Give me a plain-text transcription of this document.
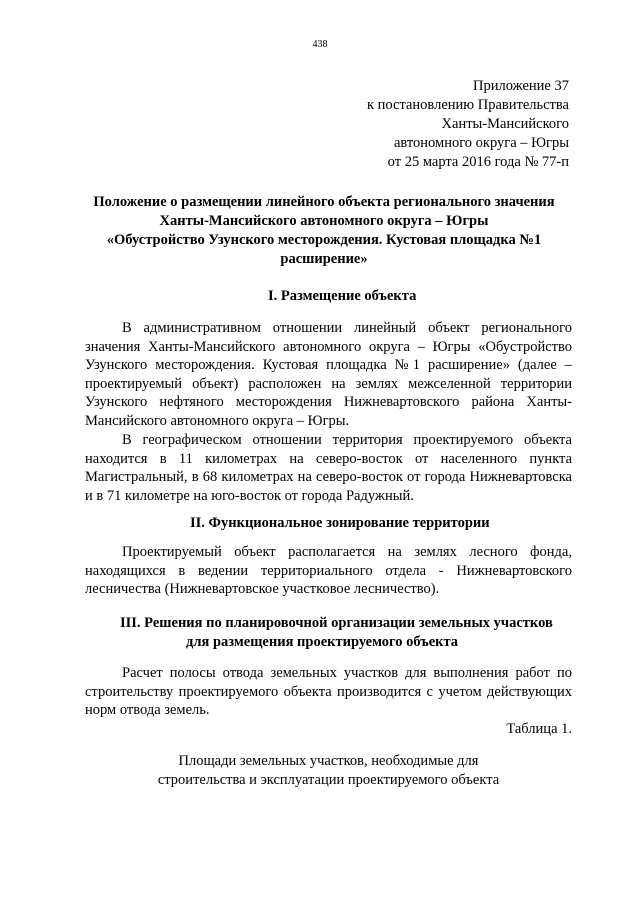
438
Приложение 37
к постановлению Правительства
Ханты-Мансийского
автономного округа – Югры
от 25 марта 2016 года № 77-п
Положение о размещении линейного объекта регионального значения
Ханты-Мансийского автономного округа – Югры
«Обустройство Узунского месторождения. Кустовая площадка №1
расширение»
I. Размещение объекта
В административном отношении линейный объект регионального значения Ханты-Мансийского автономного округа – Югры «Обустройство Узунского месторождения. Кустовая площадка №1 расширение» (далее – проектируемый объект) расположен на землях межселенной территории Узунского нефтяного месторождения Нижневартовского района Ханты-Мансийского автономного округа – Югры.
В географическом отношении территория проектируемого объекта находится в 11 километрах на северо-восток от населенного пункта Магистральный, в 68 километрах на северо-восток от города Нижневартовска и в 71 километре на юго-восток от города Радужный.
II. Функциональное зонирование территории
Проектируемый объект располагается на землях лесного фонда, находящихся в ведении территориального отдела - Нижневартовского лесничества (Нижневартовское участковое лесничество).
III. Решения по планировочной организации земельных участков
для размещения проектируемого объекта
Расчет полосы отвода земельных участков для выполнения работ по строительству проектируемого объекта производится с учетом действующих норм отвода земель.
Таблица 1.
Площади земельных участков, необходимые для
строительства и эксплуатации проектируемого объекта
